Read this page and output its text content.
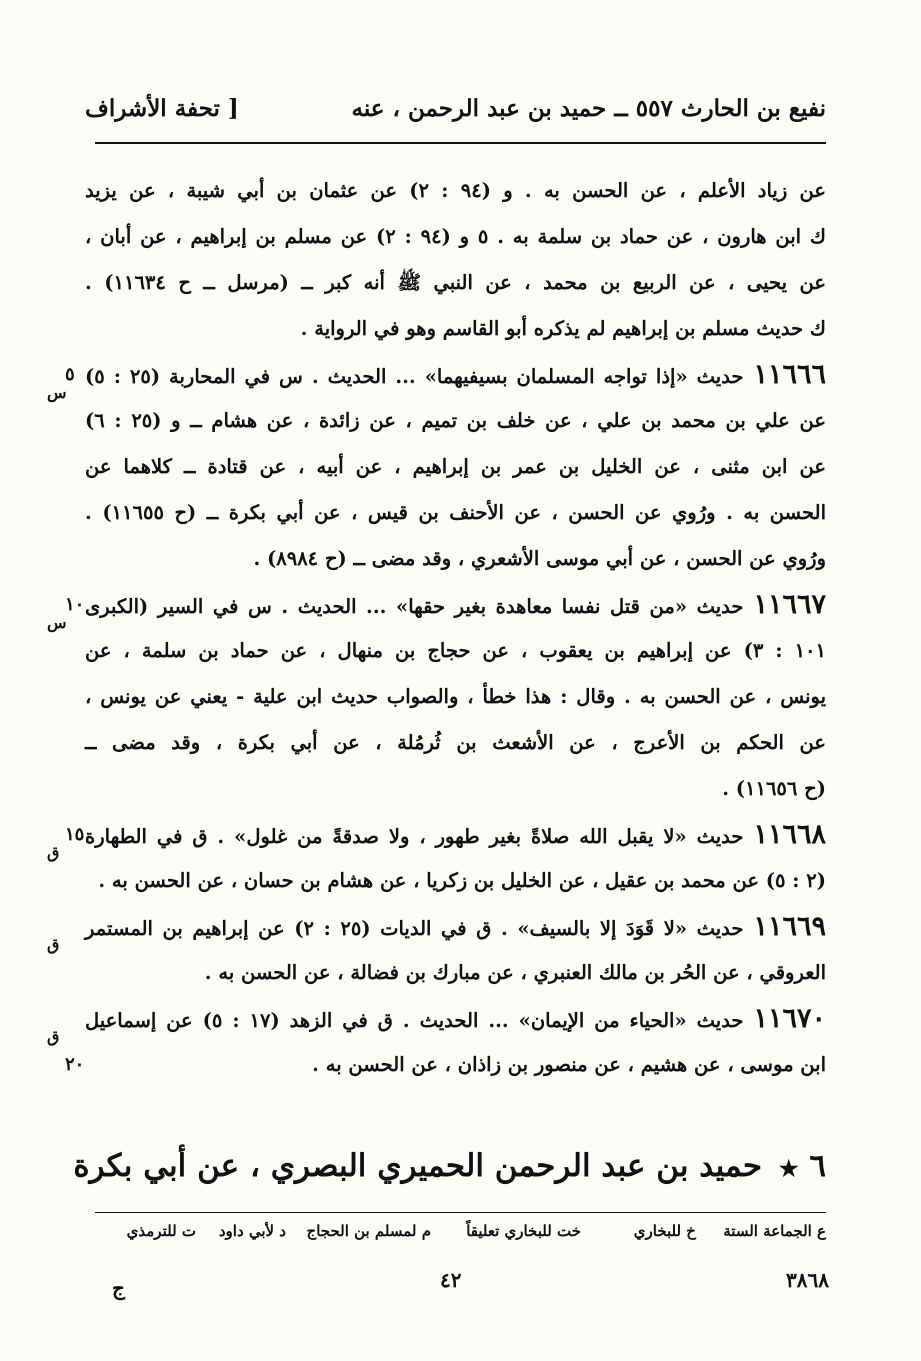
نفيع بن الحارث ٥٥٧ ــ حميد بن عبد الرحمن ، عنه
[ تحفة الأشراف
عن زياد الأعلم ، عن الحسن به . و (٩٤ : ٢) عن عثمان بن أبي شيبة ، عن يزيد
ك ابن هارون ، عن حماد بن سلمة به . ٥ و (٩٤ : ٢) عن مسلم بن إبراهيم ، عن أبان ،
عن يحيى ، عن الربيع بن محمد ، عن النبي ﷺ أنه كبر ــ (مرسل ــ ح ١١٦٣٤) .
ك حديث مسلم بن إبراهيم لم يذكره أبو القاسم وهو في الرواية .
١١٦٦٦حديث «إذا تواجه المسلمان بسيفيهما» ... الحديث . س في المحاربة (٢٥ : ٥)
٥
س
عن علي بن محمد بن علي ، عن خلف بن تميم ، عن زائدة ، عن هشام ــ و (٢٥ : ٦)
عن ابن مثنى ، عن الخليل بن عمر بن إبراهيم ، عن أبيه ، عن قتادة ــ كلاهما عن
الحسن به . ورُوي عن الحسن ، عن الأحنف بن قيس ، عن أبي بكرة ــ (ح ١١٦٥٥) .
ورُوي عن الحسن ، عن أبي موسى الأشعري ، وقد مضى ــ (ح ٨٩٨٤) .
١١٦٦٧حديث «من قتل نفسا معاهدة بغير حقها» ... الحديث . س في السير (الكبرى
١٠
س
١٠١ : ٣) عن إبراهيم بن يعقوب ، عن حجاج بن منهال ، عن حماد بن سلمة ، عن
يونس ، عن الحسن به . وقال : هذا خطأ ، والصواب حديث ابن علية - يعني عن يونس ،
عن الحكم بن الأعرج ، عن الأشعث بن ثُرمُلة ، عن أبي بكرة ، وقد مضى ــ
(ح ١١٦٥٦) .
١١٦٦٨حديث «لا يقبل الله صلاةً بغير طهور ، ولا صدقةً من غلول» . ق في الطهارة
١٥
ق
(٢ : ٥) عن محمد بن عقيل ، عن الخليل بن زكريا ، عن هشام بن حسان ، عن الحسن به .
١١٦٦٩حديث «لا قَوَدَ إلا بالسيف» . ق في الديات (٢٥ : ٢) عن إبراهيم بن المستمر
ق
العروقي ، عن الحُر بن مالك العنبري ، عن مبارك بن فضالة ، عن الحسن به .
١١٦٧٠حديث «الحياء من الإيمان» ... الحديث . ق في الزهد (١٧ : ٥) عن إسماعيل
ق
ابن موسى ، عن هشيم ، عن منصور بن زاذان ، عن الحسن به .
٢٠
٦ ★ حميد بن عبد الرحمن الحميري البصري ، عن أبي بكرة
ع الجماعة الستة
خ للبخاري
خت للبخاري تعليقاً
م لمسلم بن الحجاج
د لأبي داود
ت للترمذي
٣٨٦٨
٤٢
ج
